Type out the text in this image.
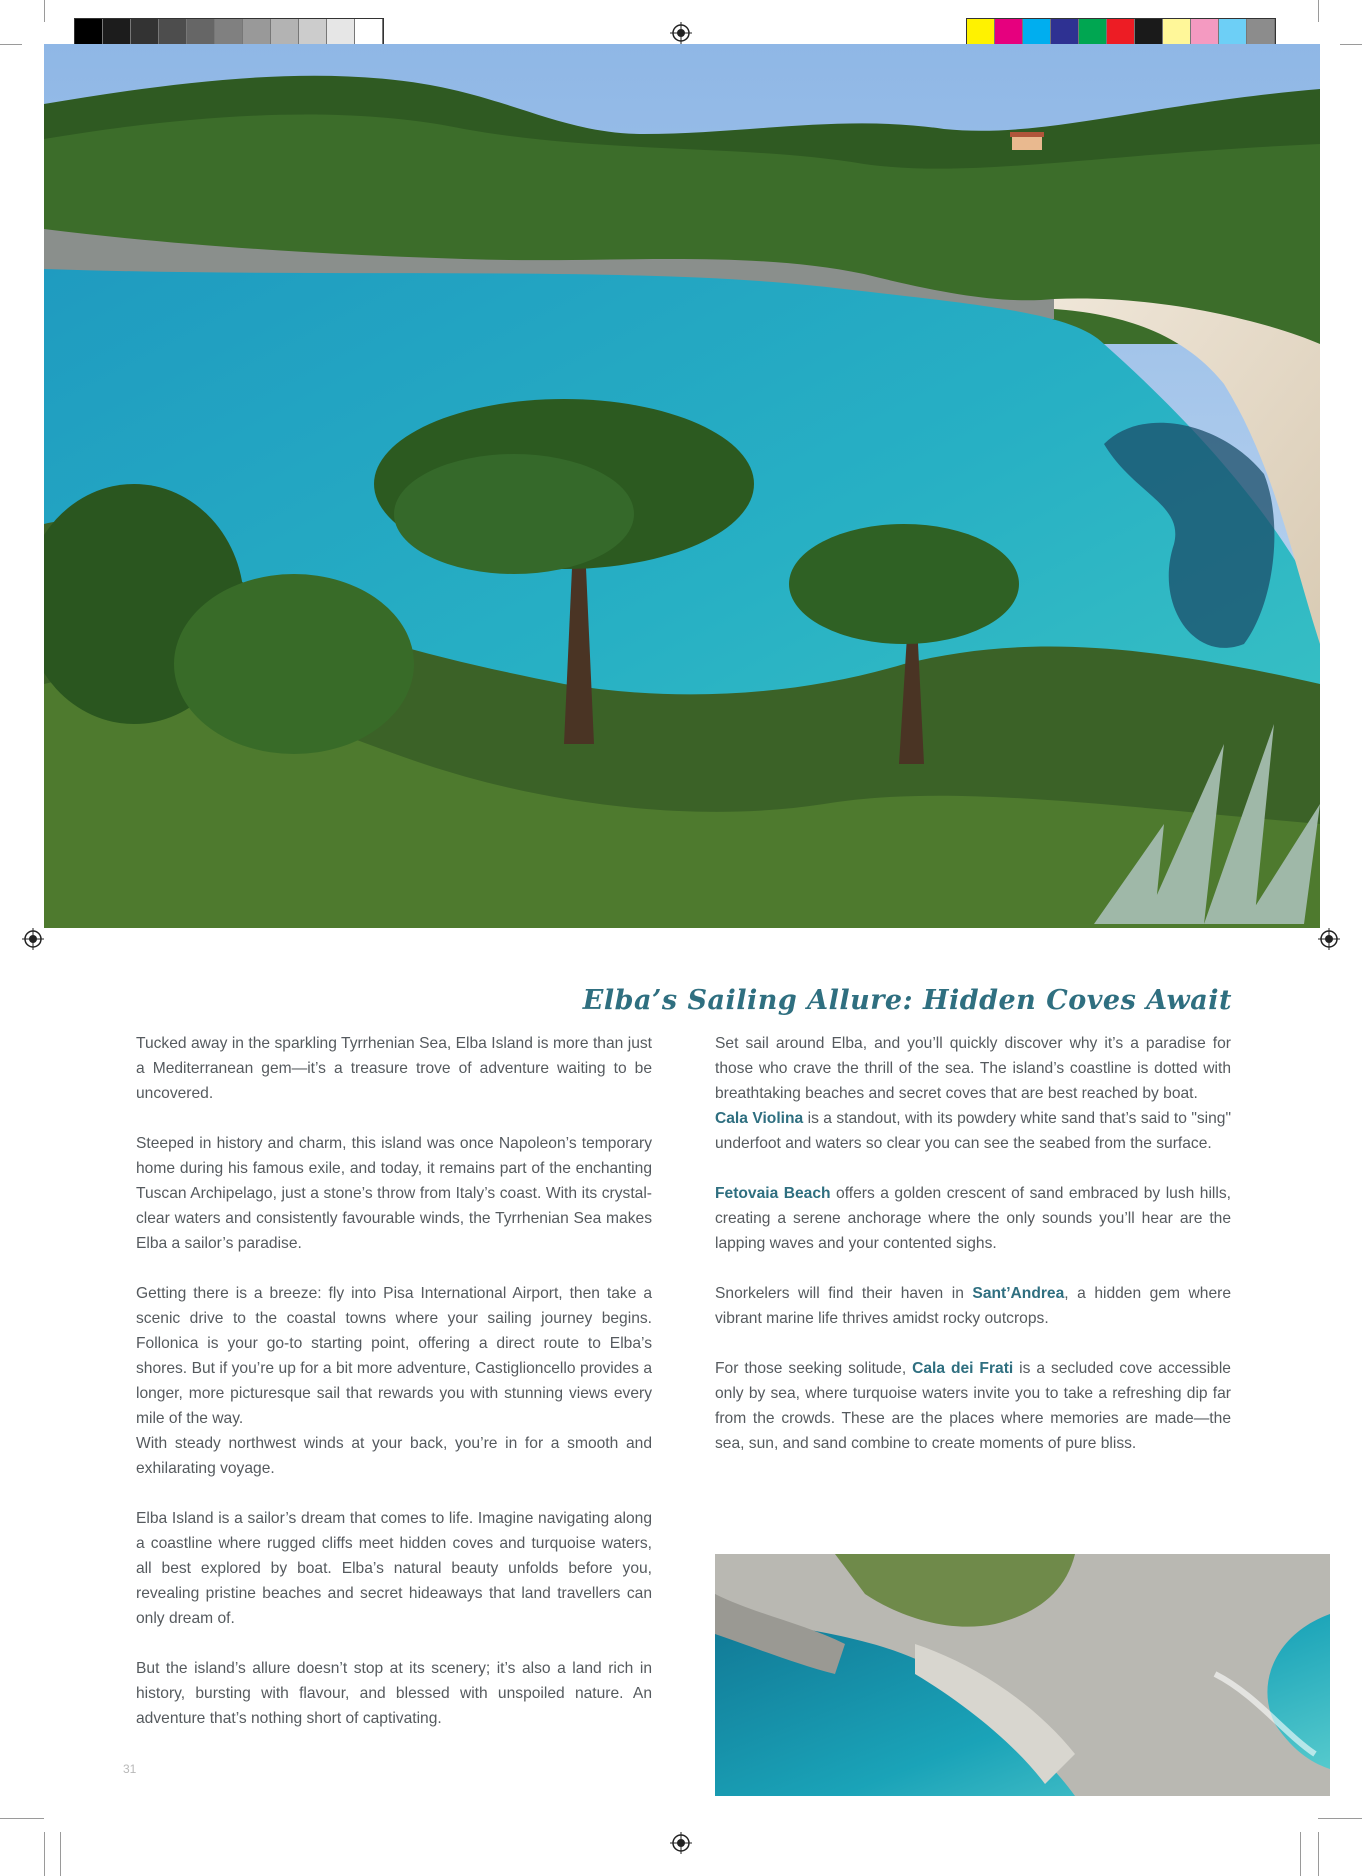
Elba’s Sailing Allure: Hidden Coves Await

Tucked away in the sparkling Tyrrhenian Sea, Elba Island is more than just a Mediterranean gem—it’s a treasure trove of adventure waiting to be uncovered.

Steeped in history and charm, this island was once Napoleon’s temporary home during his famous exile, and today, it remains part of the enchanting Tuscan Archipelago, just a stone’s throw from Italy’s coast. With its crystal-clear waters and consistently favourable winds, the Tyrrhenian Sea makes Elba a sailor’s paradise.

Getting there is a breeze: fly into Pisa International Airport, then take a scenic drive to the coastal towns where your sailing journey begins. Follonica is your go-to starting point, offering a direct route to Elba’s shores. But if you’re up for a bit more adventure, Castiglioncello provides a longer, more picturesque sail that rewards you with stunning views every mile of the way.

With steady northwest winds at your back, you’re in for a smooth and exhilarating voyage.

Elba Island is a sailor’s dream that comes to life. Imagine navigating along a coastline where rugged cliffs meet hidden coves and turquoise waters, all best explored by boat. Elba’s natural beauty unfolds before you, revealing pristine beaches and secret hideaways that land travellers can only dream of.

But the island’s allure doesn’t stop at its scenery; it’s also a land rich in history, bursting with flavour, and blessed with unspoiled nature. An adventure that’s nothing short of captivating.

Set sail around Elba, and you’ll quickly discover why it’s a paradise for those who crave the thrill of the sea. The island’s coastline is dotted with breathtaking beaches and secret coves that are best reached by boat.

Cala Violina is a standout, with its powdery white sand that’s said to "sing" underfoot and waters so clear you can see the seabed from the surface.

Fetovaia Beach offers a golden crescent of sand embraced by lush hills, creating a serene anchorage where the only sounds you’ll hear are the lapping waves and your contented sighs.

Snorkelers will find their haven in Sant’Andrea, a hidden gem where vibrant marine life thrives amidst rocky outcrops.

For those seeking solitude, Cala dei Frati is a secluded cove accessible only by sea, where turquoise waters invite you to take a refreshing dip far from the crowds. These are the places where memories are made—the sea, sun, and sand combine to create moments of pure bliss.

31
